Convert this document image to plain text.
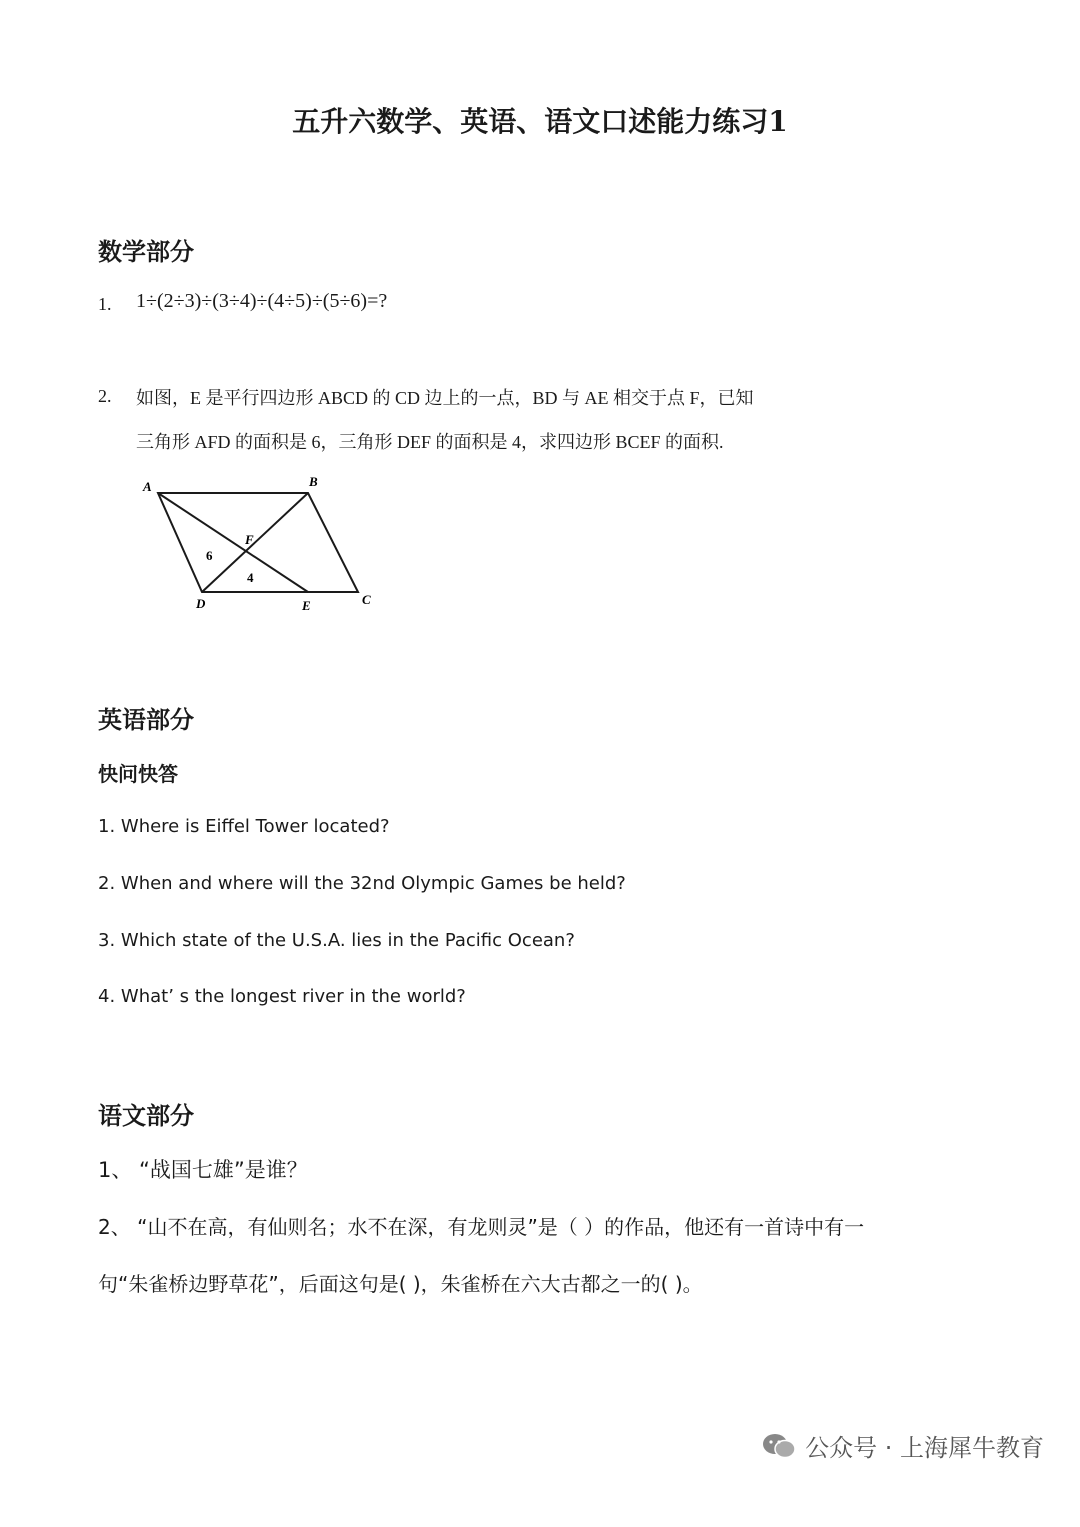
五升六数学、英语、语文口述能力练习1
数学部分
1. 1÷(2÷3)÷(3÷4)÷(4÷5)÷(5÷6)=?
2. 如图，E 是平行四边形 ABCD 的 CD 边上的一点，BD 与 AE 相交于点 F，已知
三角形 AFD 的面积是 6，三角形 DEF 的面积是 4，求四边形 BCEF 的面积.
A	B
C
D	E
F
6
4
英语部分
快问快答
1. Where is Eiffel Tower located?
2. When and where will the 32nd Olympic Games be held?
3. Which state of the U.S.A. lies in the Pacific Ocean?
4. What’ s the longest river in the world?
语文部分
1、 “战国七雄”是谁？
2、 “山不在高，有仙则名；水不在深，有龙则灵”是（ ）的作品，他还有一首诗中有一
句“朱雀桥边野草花”，后面这句是( )，朱雀桥在六大古都之一的( )。
公众号 · 上海犀牛教育
